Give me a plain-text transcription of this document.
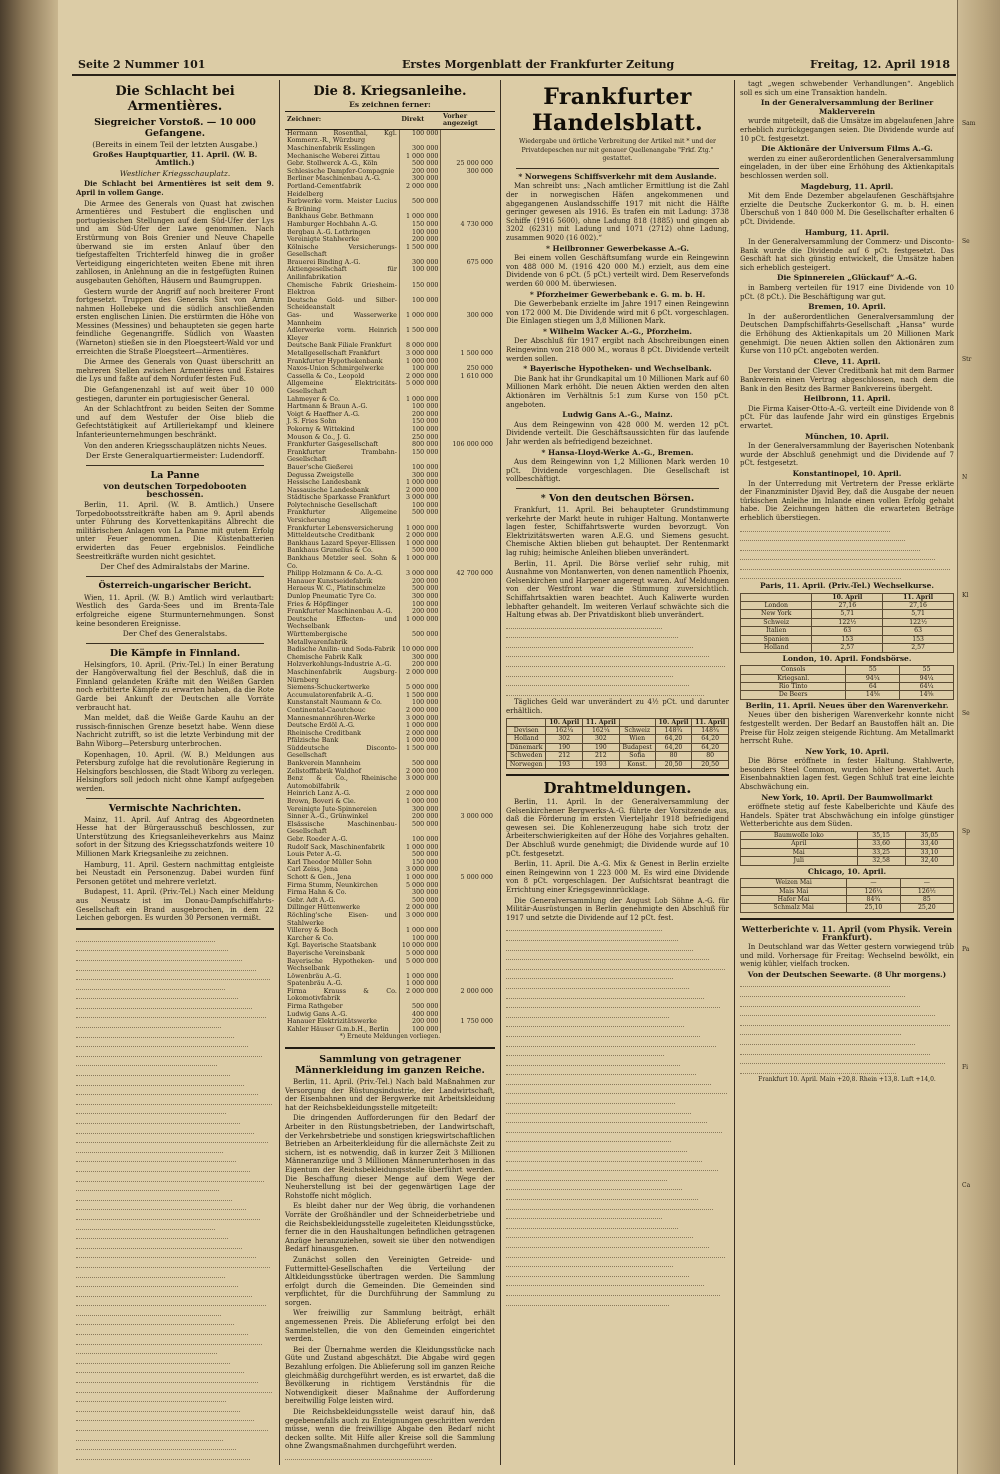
Seite 2 Nummer 101	Erstes Morgenblatt der Frankfurter Zeitung	Freitag, 12. April 1918
Die Schlacht bei Armentières.
Siegreicher Vorstoß. — 10 000 Gefangene.
(Bereits in einem Teil der letzten Ausgabe.)
Großes Hauptquartier, 11. April. (W. B. Amtlich.)
Westlicher Kriegsschauplatz.

Die Schlacht bei Armentières ist seit dem 9. April in vollem Gange.

Die Armee des Generals von Quast hat zwischen Armentières und Festubert die englischen und portugiesischen Stellungen auf dem Süd-Ufer der Lys und am Süd-Ufer der Lawe genommen. Nach Erstürmung von Bois Grenier und Neuve Chapelle überwand sie im ersten Anlauf über den tiefgestaffelten Trichterfeld hinweg die in großer Verteidigung eingerichteten weiten Ebene mit ihren zahllosen, in Anlehnung an die in festgefügten Ruinen ausgebauten Gehöften, Häusern und Baumgruppen.

Gestern wurde der Angriff auf noch breiterer Front fortgesetzt. Truppen des Generals Sixt von Armin nahmen Hollebeke und die südlich anschließenden ersten englischen Linien. Die erstürmten die Höhe von Messines (Messines) und behaupteten sie gegen harte feindliche Gegenangriffe. Südlich von Waasten (Warneton) stießen sie in den Ploegsteert-Wald vor und erreichten die Straße Ploegsteert—Armentières.

Die Armee des Generals von Quast überschritt an mehreren Stellen zwischen Armentières und Estaires die Lys und faßte auf dem Nordufer festen Fuß.

Die Gefangenenzahl ist auf weit über 10 000 gestiegen, darunter ein portugiesischer General.

An der Schlachtfront zu beiden Seiten der Somme und auf dem Westufer der Oise blieb die Gefechtstätigkeit auf Artilleriekampf und kleinere Infanterieunternehmungen beschränkt.

Von den anderen Kriegsschauplätzen nichts Neues.

Der Erste Generalquartiermeister: Ludendorff.
La Panne
von deutschen Torpedobooten beschossen.

Berlin, 11. April. (W. B. Amtlich.) Unsere Torpedobootsstreitkräfte haben am 9. April abends unter Führung des Korvettenkapitäns Albrecht die militärischen Anlagen von La Panne mit gutem Erfolg unter Feuer genommen. Die Küstenbatterien erwiderten das Feuer ergebnislos. Feindliche Seestreitkräfte wurden nicht gesichtet.

Der Chef des Admiralstabs der Marine.
Österreich-ungarischer Bericht.

Wien, 11. April. (W. B.) Amtlich wird verlautbart: Westlich des Garda-Sees und im Brenta-Tale erfolgreiche eigene Sturmunternehmungen. Sonst keine besonderen Ereignisse.

Der Chef des Generalstabs.
Die Kämpfe in Finnland.

Helsingfors, 10. April. (Priv.-Tel.) In einer Beratung der Hangöverwaltung fiel der Beschluß, daß die in Finnland gelandeten Kräfte mit den Weißen Garden noch erbitterte Kämpfe zu erwarten haben, da die Rote Garde bei Ankunft der Deutschen alle Vorräte verbraucht hat.

Man meldet, daß die Weiße Garde Kauhu an der russisch-finnischen Grenze besetzt habe. Wenn diese Nachricht zutrifft, so ist die letzte Verbindung mit der Bahn Wiborg—Petersburg unterbrochen.

Kopenhagen, 10. April. (W. B.) Meldungen aus Petersburg zufolge hat die revolutionäre Regierung in Helsingfors beschlossen, die Stadt Wiborg zu verlegen. Helsingfors soll jedoch nicht ohne Kampf aufgegeben werden.

Vermischte Nachrichten.

Mainz, 11. April. Auf Antrag des Abgeordneten Hesse hat der Bürgerausschuß beschlossen, zur Unterstützung des Kriegsanleiheverkehrs aus Mainz sofort in der Sitzung des Kriegsschatzfonds weitere 10 Millionen Mark Kriegsanleihe zu zeichnen.

Hamburg, 11. April. Gestern nachmittag entgleiste bei Neustadt ein Personenzug. Dabei wurden fünf Personen getötet und mehrere verletzt.

Budapest, 11. April. (Priv.-Tel.) Nach einer Meldung aus Neusatz ist im Donau-Dampfschiffahrts-Gesellschaft ein Brand ausgebrochen, in dem 22 Leichen geborgen. Es wurden 30 Personen vermißt.

Die 8. Kriegsanleihe.
Es zeichnen ferner:
Zeichner:	Direkt	Vorher angezeigt
Hermann Rosenthal, Kgl. Kommerz.-R., Würzburg	100 000	
Maschinenfabrik Esslingen	300 000	
Mechanische Weberei Zittau	1 000 000	
Gebr. Stollwerck A.-G., Köln	500 000	25 000 000
Schlesische Dampfer-Compagnie	200 000	300 000
Berliner Maschinenbau A.-G.	300 000	
Portland-Cementfabrik Heidelberg	2 000 000	
Farbwerke vorm. Meister Lucius & Brüning	500 000	
Bankhaus Gebr. Bethmann	1 000 000	
Hamburger Hochbahn A.-G.	150 000	4 730 000
Bergbau A.-G. Lothringen	100 000	
Vereinigte Stahlwerke	200 000	
Kölnische Versicherungs-Gesellschaft	1 500 000	
Brauerei Binding A.-G.	300 000	675 000
Aktiengesellschaft für Anilinfabrikation	100 000	
Chemische Fabrik Griesheim-Elektron	150 000	
Deutsche Gold- und Silber-Scheideanstalt	100 000	
Gas- und Wasserwerke Mannheim	1 000 000	300 000
Adlerwerke vorm. Heinrich Kleyer	1 500 000	
Deutsche Bank Filiale Frankfurt	8 000 000	
Metallgesellschaft Frankfurt	3 000 000	1 500 000
Frankfurter Hypothekenbank	1 000 000	
Naxos-Union Schmirgelwerke	100 000	250 000
Cassella & Co., Leopold	2 000 000	1 610 000
Allgemeine Elektricitäts-Gesellschaft	5 000 000	
Lahmeyer & Co.	1 000 000	
Hartmann & Braun A.-G.	100 000	
Voigt & Haeffner A.-G.	200 000	
J. S. Fries Sohn	150 000	
Pokorny & Wittekind	100 000	
Mouson & Co., J. G.	250 000	
Frankfurter Gasgesellschaft	800 000	106 000 000
Frankfurter Trambahn-Gesellschaft	150 000	
Bauer'sche Gießerei	100 000	
Degussa Zweigstelle	300 000	
Hessische Landesbank	1 000 000	
Nassauische Landesbank	2 000 000	
Städtische Sparkasse Frankfurt	3 000 000	
Polytechnische Gesellschaft	100 000	
Frankfurter Allgemeine Versicherung	500 000	
Frankfurter Lebensversicherung	1 000 000	
Mitteldeutsche Creditbank	2 000 000	
Bankhaus Lazard Speyer-Ellissen	1 000 000	
Bankhaus Grunelius & Co.	500 000	
Bankhaus Metzler seel. Sohn & Co.	1 000 000	
Philipp Holzmann & Co. A.-G.	3 000 000	42 700 000
Hanauer Kunstseidefabrik	200 000	
Heraeus W. C., Platinschmelze	500 000	
Dunlop Pneumatic Tyre Co.	300 000	
Fries & Höpflinger	100 000	
Frankfurter Maschinenbau A.-G.	200 000	
Deutsche Effecten- und Wechselbank	1 000 000	
Württembergische Metallwarenfabrik	500 000	
Badische Anilin- und Soda-Fabrik	10 000 000	
Chemische Fabrik Kalk	300 000	
Holzverkohlungs-Industrie A.-G.	200 000	
Maschinenfabrik Augsburg-Nürnberg	2 000 000	
Siemens-Schuckertwerke	5 000 000	
Accumulatorenfabrik A.-G.	1 500 000	
Kunstanstalt Naumann & Co.	100 000	
Continental-Caoutchouc	2 000 000	
Mannesmannröhren-Werke	3 000 000	
Deutsche Erdöl A.-G.	1 000 000	
Rheinische Creditbank	2 000 000	
Pfälzische Bank	1 000 000	
Süddeutsche Disconto-Gesellschaft	1 500 000	
Bankverein Mannheim	500 000	
Zellstofffabrik Waldhof	2 000 000	
Benz & Co., Rheinische Automobilfabrik	3 000 000	
Heinrich Lanz A.-G.	2 000 000	
Brown, Boveri & Cie.	1 000 000	
Vereinigte Jute-Spinnereien	300 000	
Sinner A.-G., Grünwinkel	200 000	3 000 000
Elsässische Maschinenbau-Gesellschaft	500 000	
Gebr. Roeder A.-G.	100 000	
Rudolf Sack, Maschinenfabrik	1 000 000	
Louis Peter A.-G.	500 000	
Karl Theodor Müller Sohn	150 000	
Carl Zeiss, Jena	3 000 000	
Schott & Gen., Jena	1 000 000	5 000 000
Firma Stumm, Neunkirchen	5 000 000	
Firma Hahn & Co.	300 000	
Gebr. Adt A.-G.	500 000	
Dillinger Hüttenwerke	2 000 000	
Röchling'sche Eisen- und Stahlwerke	3 000 000	
Villeroy & Boch	1 000 000	
Karcher & Co.	100 000	
Kgl. Bayerische Staatsbank	10 000 000	
Bayerische Vereinsbank	5 000 000	
Bayerische Hypotheken- und Wechselbank	5 000 000	
Löwenbräu A.-G.	1 000 000	
Spatenbräu A.-G.	1 000 000	
Firma Krauss & Co. Lokomotivfabrik	2 000 000	2 000 000
Firma Rathgeber	500 000	
Ludwig Gans A.-G.	400 000	
Hanauer Elektrizitätswerke	200 000	1 750 000
Kahler Häuser G.m.b.H., Berlin	100 000	
*) Erneute Meldungen vorliegen.
Sammlung von getragener Männerkleidung im ganzen Reiche.

Berlin, 11. April. (Priv.-Tel.) Nach bald Maßnahmen zur Versorgung der Rüstungsindustrie, der Landwirtschaft, der Eisenbahnen und der Bergwerke mit Arbeitskleidung hat der Reichsbekleidungsstelle mitgeteilt:

Die dringenden Aufforderungen für den Bedarf der Arbeiter in den Rüstungsbetrieben, der Landwirtschaft, der Verkehrsbetriebe und sonstigen kriegswirtschaftlichen Betrieben an Arbeiterkleidung für die allernächste Zeit zu sichern, ist es notwendig, daß in kurzer Zeit 3 Millionen Männeranzüge und 3 Millionen Männerunterhosen in das Eigentum der Reichsbekleidungsstelle überführt werden. Die Beschaffung dieser Menge auf dem Wege der Neuherstellung ist bei der gegenwärtigen Lage der Rohstoffe nicht möglich.

Es bleibt daher nur der Weg übrig, die vorhandenen Vorräte der Großhändler und der Schneiderbetriebe und die Reichsbekleidungsstelle zugeleiteten Kleidungsstücke, ferner die in den Haushaltungen befindlichen getragenen Anzüge heranzuziehen, soweit sie über den notwendigen Bedarf hinausgehen.

Zunächst sollen den Vereinigten Getreide- und Futtermittel-Gesellschaften die Verteilung der Altkleidungsstücke übertragen werden. Die Sammlung erfolgt durch die Gemeinden. Die Gemeinden sind verpflichtet, für die Durchführung der Sammlung zu sorgen.

Wer freiwillig zur Sammlung beiträgt, erhält angemessenen Preis. Die Ablieferung erfolgt bei den Sammelstellen, die von den Gemeinden eingerichtet werden.

Bei der Übernahme werden die Kleidungsstücke nach Güte und Zustand abgeschätzt. Die Abgabe wird gegen Bezahlung erfolgen. Die Ablieferung soll im ganzen Reiche gleichmäßig durchgeführt werden, es ist erwartet, daß die Bevölkerung in richtigem Verständnis für die Notwendigkeit dieser Maßnahme der Aufforderung bereitwillig Folge leisten wird.

Die Reichsbekleidungsstelle weist darauf hin, daß gegebenenfalls auch zu Enteignungen geschritten werden müsse, wenn die freiwillige Abgabe den Bedarf nicht decken sollte. Mit Hilfe aller Kreise soll die Sammlung ohne Zwangsmaßnahmen durchgeführt werden.

Frankfurter Handelsblatt.
Wiedergabe und örtliche Verbreitung der Artikel mit * und der Privatdepeschen nur mit genauer Quellenangabe "Frkf. Ztg." gestattet.
* Norwegens Schiffsverkehr mit dem Auslande.

Man schreibt uns: „Nach amtlicher Ermittlung ist die Zahl der in norwegischen Häfen angekommenen und abgegangenen Auslandsschiffe 1917 mit nicht die Hälfte geringer gewesen als 1916. Es trafen ein mit Ladung: 3738 Schiffe (1916 5600), ohne Ladung 818 (1885) und gingen ab 3202 (6231) mit Ladung und 1071 (2712) ohne Ladung, zusammen 9020 (16 002).“

* Heilbronner Gewerbekasse A.-G.

Bei einem vollen Geschäftsumfang wurde ein Reingewinn von 488 000 M. (1916 420 000 M.) erzielt, aus dem eine Dividende von 6 pCt. (5 pCt.) verteilt wird. Dem Reservefonds werden 60 000 M. überwiesen.

* Pforzheimer Gewerbebank e. G. m. b. H.

Die Gewerbebank erzielte im Jahre 1917 einen Reingewinn von 172 000 M. Die Dividende wird mit 6 pCt. vorgeschlagen. Die Einlagen stiegen um 3,8 Millionen Mark.

* Wilhelm Wacker A.-G., Pforzheim.

Der Abschluß für 1917 ergibt nach Abschreibungen einen Reingewinn von 218 000 M., woraus 8 pCt. Dividende verteilt werden sollen.

* Bayerische Hypotheken- und Wechselbank.

Die Bank hat ihr Grundkapital um 10 Millionen Mark auf 60 Millionen Mark erhöht. Die neuen Aktien werden den alten Aktionären im Verhältnis 5:1 zum Kurse von 150 pCt. angeboten.

Ludwig Gans A.-G., Mainz.

Aus dem Reingewinn von 428 000 M. werden 12 pCt. Dividende verteilt. Die Geschäftsaussichten für das laufende Jahr werden als befriedigend bezeichnet.

* Hansa-Lloyd-Werke A.-G., Bremen.

Aus dem Reingewinn von 1,2 Millionen Mark werden 10 pCt. Dividende vorgeschlagen. Die Gesellschaft ist vollbeschäftigt.

* Von den deutschen Börsen.

Frankfurt, 11. April. Bei behaupteter Grundstimmung verkehrte der Markt heute in ruhiger Haltung. Montanwerte lagen fester, Schiffahrtswerte wurden bevorzugt. Von Elektrizitätswerten waren A.E.G. und Siemens gesucht. Chemische Aktien blieben gut behauptet. Der Rentenmarkt lag ruhig; heimische Anleihen blieben unverändert.

Berlin, 11. April. Die Börse verlief sehr ruhig, mit Ausnahme von Montanwerten, von denen namentlich Phoenix, Gelsenkirchen und Harpener angeregt waren. Auf Meldungen von der Westfront war die Stimmung zuversichtlich. Schiffahrtsaktien waren beachtet. Auch Kaliwerte wurden lebhafter gehandelt. Im weiteren Verlauf schwächte sich die Haltung etwas ab. Der Privatdiskont blieb unverändert.

Tägliches Geld war unverändert zu 4½ pCt. und darunter erhältlich.

	10. April	11. April		10. April	11. April
Devisen	162¼	162¼	Schweiz	148¾	148¾
Holland	302	302	Wien	64,20	64,20
Dänemark	190	190	Budapest	64,20	64,20
Schweden	212	212	Sofia	80	80
Norwegen	193	193	Konst.	20,50	20,50
Drahtmeldungen.

Berlin, 11. April. In der Generalversammlung der Gelsenkirchener Bergwerks-A.-G. führte der Vorsitzende aus, daß die Förderung im ersten Vierteljahr 1918 befriedigend gewesen sei. Die Kohlenerzeugung habe sich trotz der Arbeiterschwierigkeiten auf der Höhe des Vorjahres gehalten. Der Abschluß wurde genehmigt; die Dividende wurde auf 10 pCt. festgesetzt.

Berlin, 11. April. Die A.-G. Mix & Genest in Berlin erzielte einen Reingewinn von 1 223 000 M. Es wird eine Dividende von 8 pCt. vorgeschlagen. Der Aufsichtsrat beantragt die Errichtung einer Kriegsgewinnrücklage.

Die Generalversammlung der August Lob Söhne A.-G. für Militär-Ausrüstungen in Berlin genehmigte den Abschluß für 1917 und setzte die Dividende auf 12 pCt. fest.

tagt „wegen schwebender Verhandlungen“. Angeblich soll es sich um eine Transaktion handeln.

In der Generalversammlung der Berliner Maklerverein

wurde mitgeteilt, daß die Umsätze im abgelaufenen Jahre erheblich zurückgegangen seien. Die Dividende wurde auf 10 pCt. festgesetzt.

Die Aktionäre der Universum Films A.-G.

werden zu einer außerordentlichen Generalversammlung eingeladen, in der über eine Erhöhung des Aktienkapitals beschlossen werden soll.

Magdeburg, 11. April.

Mit dem Ende Dezember abgelaufenen Geschäftsjahre erzielte die Deutsche Zuckerkontor G. m. b. H. einen Überschuß von 1 840 000 M. Die Gesellschafter erhalten 6 pCt. Dividende.

Hamburg, 11. April.

In der Generalversammlung der Commerz- und Disconto-Bank wurde die Dividende auf 6 pCt. festgesetzt. Das Geschäft hat sich günstig entwickelt, die Umsätze haben sich erheblich gesteigert.

Die Spinnereien „Glückauf“ A.-G.

in Bamberg verteilen für 1917 eine Dividende von 10 pCt. (8 pCt.). Die Beschäftigung war gut.

Bremen, 10. April.

In der außerordentlichen Generalversammlung der Deutschen Dampfschiffahrts-Gesellschaft „Hansa“ wurde die Erhöhung des Aktienkapitals um 20 Millionen Mark genehmigt. Die neuen Aktien sollen den Aktionären zum Kurse von 110 pCt. angeboten werden.

Cleve, 11. April.

Der Vorstand der Clever Creditbank hat mit dem Barmer Bankverein einen Vertrag abgeschlossen, nach dem die Bank in den Besitz des Barmer Bankvereins übergeht.

Heilbronn, 11. April.

Die Firma Kaiser-Otto-A.-G. verteilt eine Dividende von 8 pCt. Für das laufende Jahr wird ein günstiges Ergebnis erwartet.

München, 10. April.

In der Generalversammlung der Bayerischen Notenbank wurde der Abschluß genehmigt und die Dividende auf 7 pCt. festgesetzt.

Konstantinopel, 10. April.

In der Unterredung mit Vertretern der Presse erklärte der Finanzminister Djavid Bey, daß die Ausgabe der neuen türkischen Anleihe im Inlande einen vollen Erfolg gehabt habe. Die Zeichnungen hätten die erwarteten Beträge erheblich überstiegen.

Paris, 11. April. (Priv.-Tel.) Wechselkurse.
	10. April	11. April
London	27,16	27,16
New York	5,71	5,71
Schweiz	122½	122½
Italien	63	63
Spanien	153	153
Holland	2,57	2,57
London, 10. April. Fondsbörse.
Consols	55	55
Kriegsanl.	94¼	94¼
Rio Tinto	64	64¼
De Beers	14⅝	14⅝
Berlin, 11. April. Neues über den Warenverkehr.

Neues über den bisherigen Warenverkehr konnte nicht festgestellt werden. Der Bedarf an Baustoffen hält an. Die Preise für Holz zeigen steigende Richtung. Am Metallmarkt herrscht Ruhe.

New York, 10. April.

Die Börse eröffnete in fester Haltung. Stahlwerte, besonders Steel Common, wurden höher bewertet. Auch Eisenbahnaktien lagen fest. Gegen Schluß trat eine leichte Abschwächung ein.

New York, 10. April. Der Baumwollmarkt

eröffnete stetig auf feste Kabelberichte und Käufe des Handels. Später trat Abschwächung ein infolge günstiger Wetterberichte aus dem Süden.

Baumwolle loko	35,15	35,05
April	33,60	33,40
Mai	33,25	33,10
Juli	32,58	32,40
Chicago, 10. April.
Weizen Mai	—	—
Mais Mai	126¼	126½
Hafer Mai	84¾	85
Schmalz Mai	25,10	25,20
Wetterberichte v. 11. April (vom Physik. Verein Frankfurt).

In Deutschland war das Wetter gestern vorwiegend trüb und mild. Vorhersage für Freitag: Wechselnd bewölkt, ein wenig kühler, vielfach trocken.

Von der Deutschen Seewarte. (8 Uhr morgens.)
Frankfurt 10. April. Main +20,8. Rhein +13,8. Luft +14,0.
Sam
Se
Str
N
Kl
Se
Sp
Pa
Fi
Ca
